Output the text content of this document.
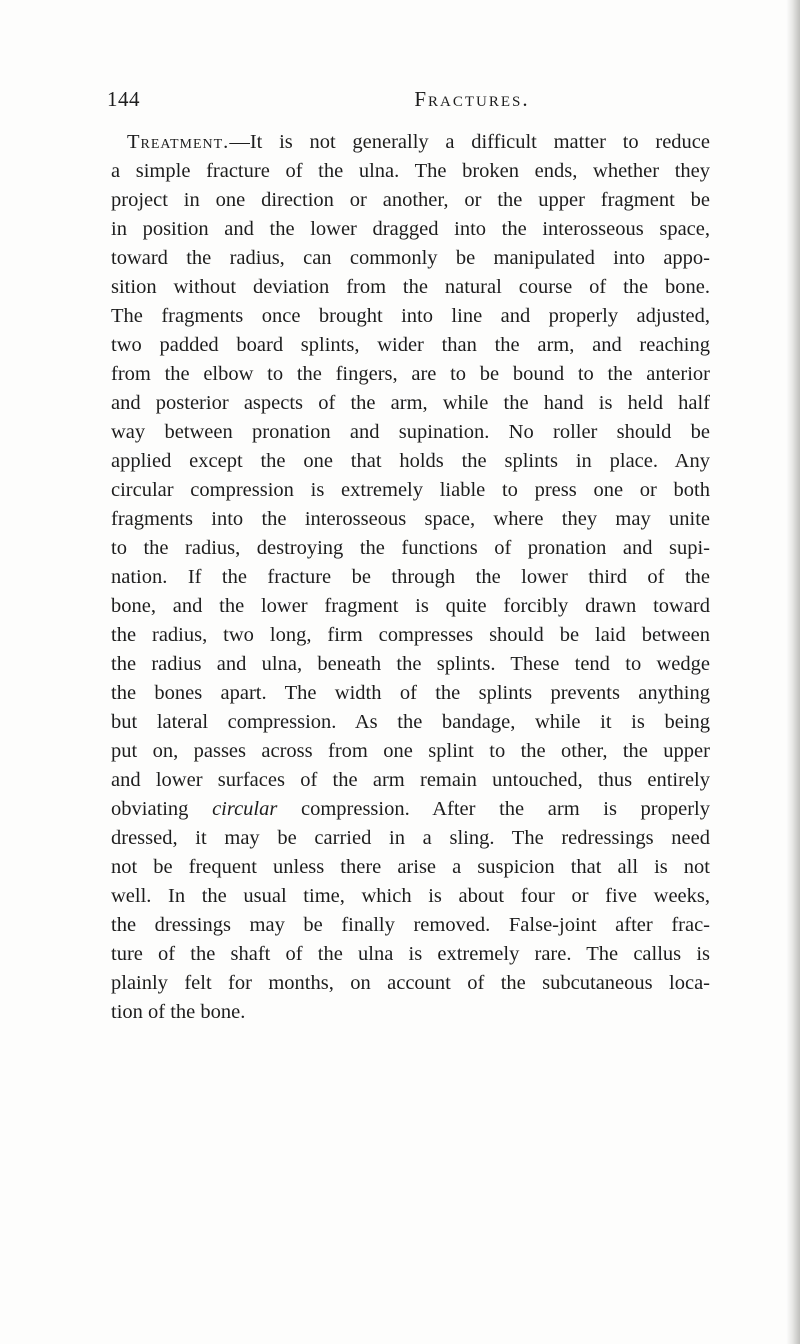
144	Fractures.
Treatment.—It is not generally a difficult matter to reduce
a simple fracture of the ulna. The broken ends, whether they
project in one direction or another, or the upper fragment be
in position and the lower dragged into the interosseous space,
toward the radius, can commonly be manipulated into appo-
sition without deviation from the natural course of the bone.
The fragments once brought into line and properly adjusted,
two padded board splints, wider than the arm, and reaching
from the elbow to the fingers, are to be bound to the anterior
and posterior aspects of the arm, while the hand is held half
way between pronation and supination. No roller should be
applied except the one that holds the splints in place. Any
circular compression is extremely liable to press one or both
fragments into the interosseous space, where they may unite
to the radius, destroying the functions of pronation and supi-
nation. If the fracture be through the lower third of the
bone, and the lower fragment is quite forcibly drawn toward
the radius, two long, firm compresses should be laid between
the radius and ulna, beneath the splints. These tend to wedge
the bones apart. The width of the splints prevents anything
but lateral compression. As the bandage, while it is being
put on, passes across from one splint to the other, the upper
and lower surfaces of the arm remain untouched, thus entirely
obviating circular compression. After the arm is properly
dressed, it may be carried in a sling. The redressings need
not be frequent unless there arise a suspicion that all is not
well. In the usual time, which is about four or five weeks,
the dressings may be finally removed. False-joint after frac-
ture of the shaft of the ulna is extremely rare. The callus is
plainly felt for months, on account of the subcutaneous loca-
tion of the bone.
